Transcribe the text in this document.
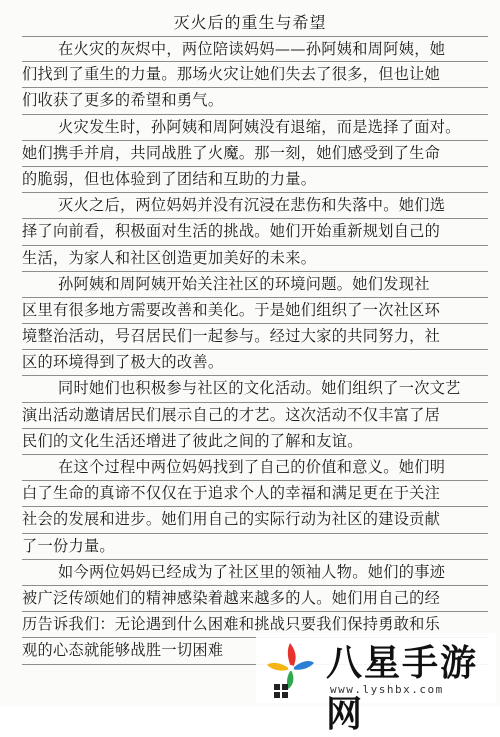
灭火后的重生与希望
在火灾的灰烬中，两位陪读妈妈——孙阿姨和周阿姨，她
们找到了重生的力量。那场火灾让她们失去了很多，但也让她
们收获了更多的希望和勇气。
火灾发生时，孙阿姨和周阿姨没有退缩，而是选择了面对。
她们携手并肩，共同战胜了火魔。那一刻，她们感受到了生命
的脆弱，但也体验到了团结和互助的力量。
灭火之后，两位妈妈并没有沉浸在悲伤和失落中。她们选
择了向前看，积极面对生活的挑战。她们开始重新规划自己的
生活，为家人和社区创造更加美好的未来。
孙阿姨和周阿姨开始关注社区的环境问题。她们发现社
区里有很多地方需要改善和美化。于是她们组织了一次社区环
境整治活动，号召居民们一起参与。经过大家的共同努力，社
区的环境得到了极大的改善。
同时她们也积极参与社区的文化活动。她们组织了一次文艺
演出活动邀请居民们展示自己的才艺。这次活动不仅丰富了居
民们的文化生活还增进了彼此之间的了解和友谊。
在这个过程中两位妈妈找到了自己的价值和意义。她们明
白了生命的真谛不仅仅在于追求个人的幸福和满足更在于关注
社会的发展和进步。她们用自己的实际行动为社区的建设贡献
了一份力量。
如今两位妈妈已经成为了社区里的领袖人物。她们的事迹
被广泛传颂她们的精神感染着越来越多的人。她们用自己的经
历告诉我们：无论遇到什么困难和挑战只要我们保持勇敢和乐
观的心态就能够战胜一切困难	八星手游网
www.lyshbx.com
